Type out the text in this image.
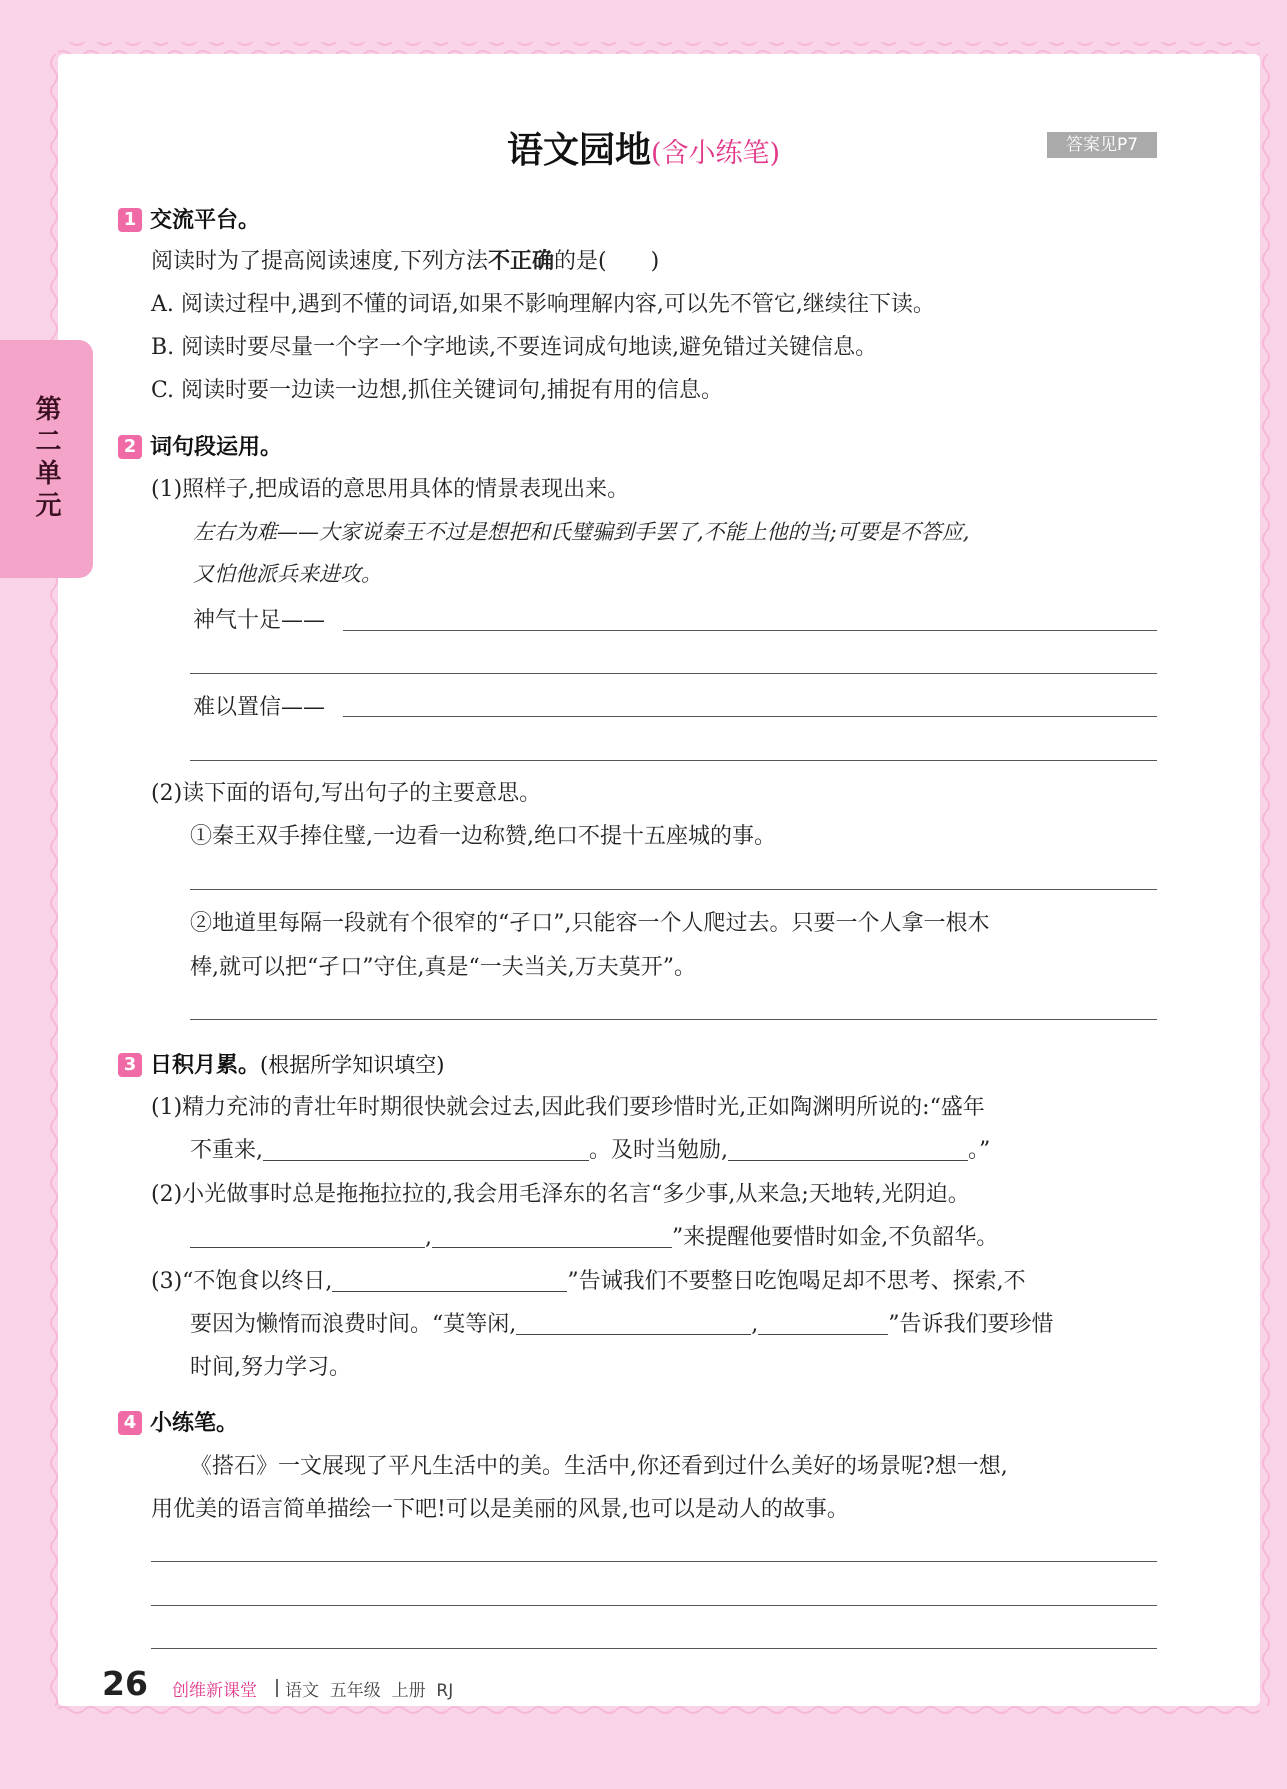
第二单元
语文园地(含小练笔)	答案见P7
1 交流平台。
阅读时为了提高阅读速度,下列方法不正确的是(　　)
A. 阅读过程中,遇到不懂的词语,如果不影响理解内容,可以先不管它,继续往下读。
B. 阅读时要尽量一个字一个字地读,不要连词成句地读,避免错过关键信息。
C. 阅读时要一边读一边想,抓住关键词句,捕捉有用的信息。
2 词句段运用。
(1)照样子,把成语的意思用具体的情景表现出来。
左右为难——大家说秦王不过是想把和氏璧骗到手罢了,不能上他的当;可要是不答应,
又怕他派兵来进攻。
神气十足——
难以置信——
(2)读下面的语句,写出句子的主要意思。
①秦王双手捧住璧,一边看一边称赞,绝口不提十五座城的事。
②地道里每隔一段就有个很窄的“孑口”,只能容一个人爬过去。只要一个人拿一根木
棒,就可以把“孑口”守住,真是“一夫当关,万夫莫开”。
3 日积月累。(根据所学知识填空)
(1)精力充沛的青壮年时期很快就会过去,因此我们要珍惜时光,正如陶渊明所说的:“盛年
不重来,	。及时当勉励,	。”
(2)小光做事时总是拖拖拉拉的,我会用毛泽东的名言“多少事,从来急;天地转,光阴迫。
,	”来提醒他要惜时如金,不负韶华。
(3)“不饱食以终日,	”告诫我们不要整日吃饱喝足却不思考、探索,不
要因为懒惰而浪费时间。“莫等闲,	,	”告诉我们要珍惜
时间,努力学习。
4 小练笔。
《搭石》一文展现了平凡生活中的美。生活中,你还看到过什么美好的场景呢?想一想,
用优美的语言简单描绘一下吧!可以是美丽的风景,也可以是动人的故事。
26 创维新课堂 语文  五年级  上册  RJ
